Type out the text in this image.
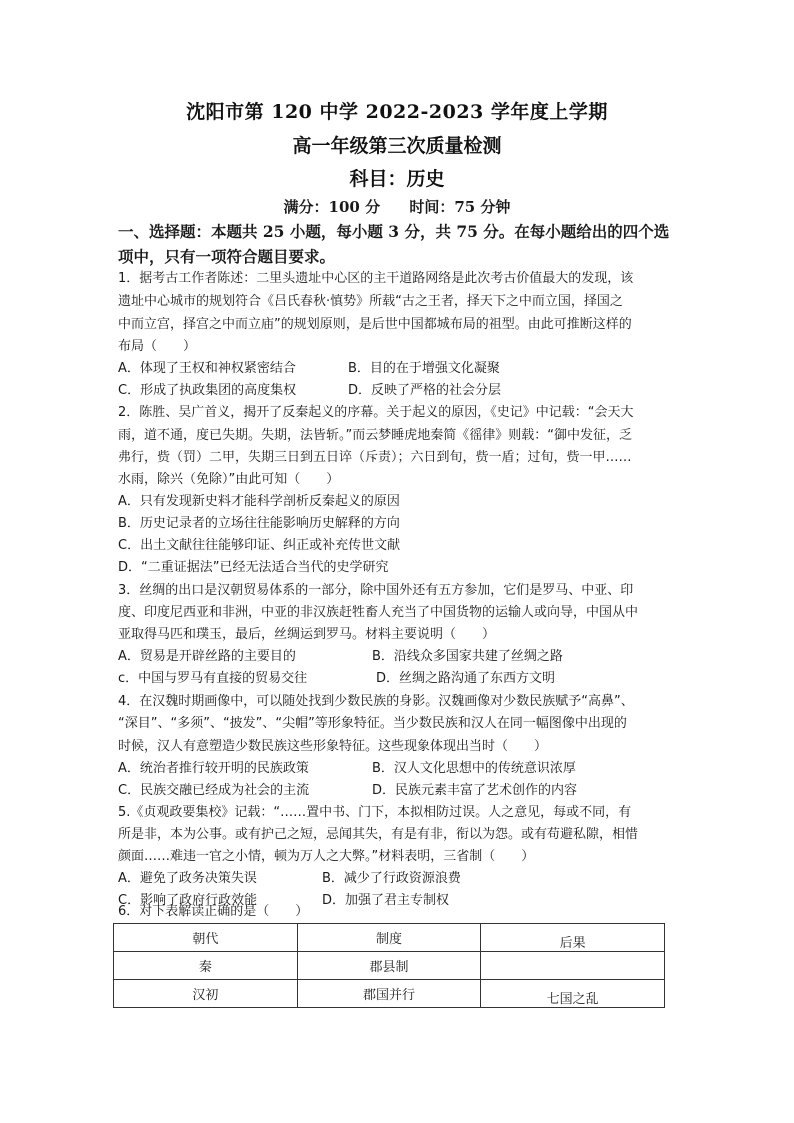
沈阳市第 120 中学 2022-2023 学年度上学期
高一年级第三次质量检测
科目：历史
满分：100 分 时间：75 分钟
一、选择题：本题共 25 小题，每小题 3 分，共 75 分。在每小题给出的四个选
项中，只有一项符合题目要求。
1．据考古工作者陈述：二里头遗址中心区的主干道路网络是此次考古价值最大的发现，该
遗址中心城市的规划符合《吕氏春秋·慎势》所载“古之王者，择天下之中而立国，择国之
中而立宫，择宫之中而立庙”的规划原则，是后世中国都城布局的祖型。由此可推断这样的
布局（　　）
A．体现了王权和神权紧密结合	B．目的在于增强文化凝聚
C．形成了执政集团的高度集权	D．反映了严格的社会分层
2．陈胜、吴广首义，揭开了反秦起义的序幕。关于起义的原因，《史记》中记载：“会天大
雨，道不通，度已失期。失期，法皆斩。”而云梦睡虎地秦简《徭律》则载：“御中发征，乏
弗行，赀（罚）二甲，失期三日到五日谇（斥责）；六日到旬，赀一盾；过旬，赀一甲……
水雨，除兴（免除）”由此可知（　　）
A．只有发现新史料才能科学剖析反秦起义的原因
B．历史记录者的立场往往能影响历史解释的方向
C．出土文献往往能够印证、纠正或补充传世文献
D．“二重证据法”已经无法适合当代的史学研究
3．丝绸的出口是汉朝贸易体系的一部分，除中国外还有五方参加，它们是罗马、中亚、印
度、印度尼西亚和非洲，中亚的非汉族赶牲畜人充当了中国货物的运输人或向导，中国从中
亚取得马匹和璞玉，最后，丝绸运到罗马。材料主要说明（　　）
A．贸易是开辟丝路的主要目的	B．沿线众多国家共建了丝绸之路
c．中国与罗马有直接的贸易交往	D．丝绸之路沟通了东西方文明
4．在汉魏时期画像中，可以随处找到少数民族的身影。汉魏画像对少数民族赋予“高鼻”、
“深目”、“多须”、“披发”、“尖帽”等形象特征。当少数民族和汉人在同一幅图像中出现的
时候，汉人有意塑造少数民族这些形象特征。这些现象体现出当时（　　）
A．统治者推行较开明的民族政策	B．汉人文化思想中的传统意识浓厚
C．民族交融已经成为社会的主流	D．民族元素丰富了艺术创作的内容
5.《贞观政要集校》记载：“……置中书、门下，本拟相防过误。人之意见，每或不同，有
所是非，本为公事。或有护己之短，忌闻其失，有是有非，衔以为怨。或有苟避私隙，相惜
颜面……难违一官之小情，顿为万人之大弊。”材料表明，三省制（　　）
A．避免了政务决策失误	B．减少了行政资源浪费
C．影响了政府行政效能	D．加强了君主专制权
6．对下表解读正确的是（　　）
朝代	制度	后果
秦	郡县制	
汉初	郡国并行	七国之乱
